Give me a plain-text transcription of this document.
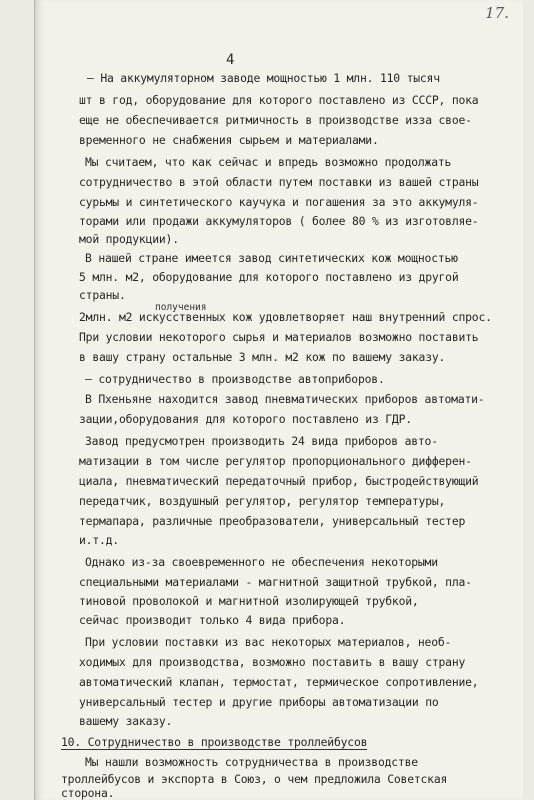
17.
4
– На аккумуляторном заводе мощностью 1 млн. 110 тысяч
шт в год, оборудование для которого поставлено из СССР, пока
еще не обеспечивается ритмичность в производстве изза свое-
временного не снабжения сырьем и материалами.
Мы считаем, что как сейчас и впредь возможно продолжать
сотрудничество в этой области путем поставки из вашей страны
сурьмы и синтетического каучука и погашения за это аккумуля-
торами или продажи аккумуляторов ( более 80 % из изготовляе-
мой продукции).
В нашей стране имеется завод синтетических кож мощностью
5 млн. м2, оборудование для которого поставлено из другой
страны.
получения
2млн. м2 искусственных кож удовлетворяет наш внутренний спрос.
При условии некоторого сырья и материалов возможно поставить
в вашу страну остальные 3 млн. м2 кож по вашему заказу.
– сотрудничество в производстве автоприборов.
В Пхеньяне находится завод пневматических приборов автомати-
зации,оборудования для которого поставлено из ГДР.
Завод предусмотрен производить 24 вида приборов авто-
матизации в том числе регулятор пропорционального дифферен-
циала, пневматический передаточный прибор, быстродействующий
передатчик, воздушный регулятор, регулятор температуры,
термапара, различные преобразователи, универсальный тестер
и.т.д.
Однако из-за своевременного не обеспечения некоторыми
специальными материалами - магнитной защитной трубкой, пла-
тиновой проволокой и магнитной изолирующей трубкой,
сейчас производит только 4 вида прибора.
При условии поставки из вас некоторых материалов, необ-
ходимых для производства, возможно поставить в вашу страну
автоматический клапан, термостат, термическое сопротивление,
универсальный тестер и другие приборы автоматизации по
вашему заказу.
10. Сотрудничество в производстве троллейбусов
Мы нашли возможность сотрудничества в производстве
троллейбусов и экспорта в Союз, о чем предложила Советская
сторона.
